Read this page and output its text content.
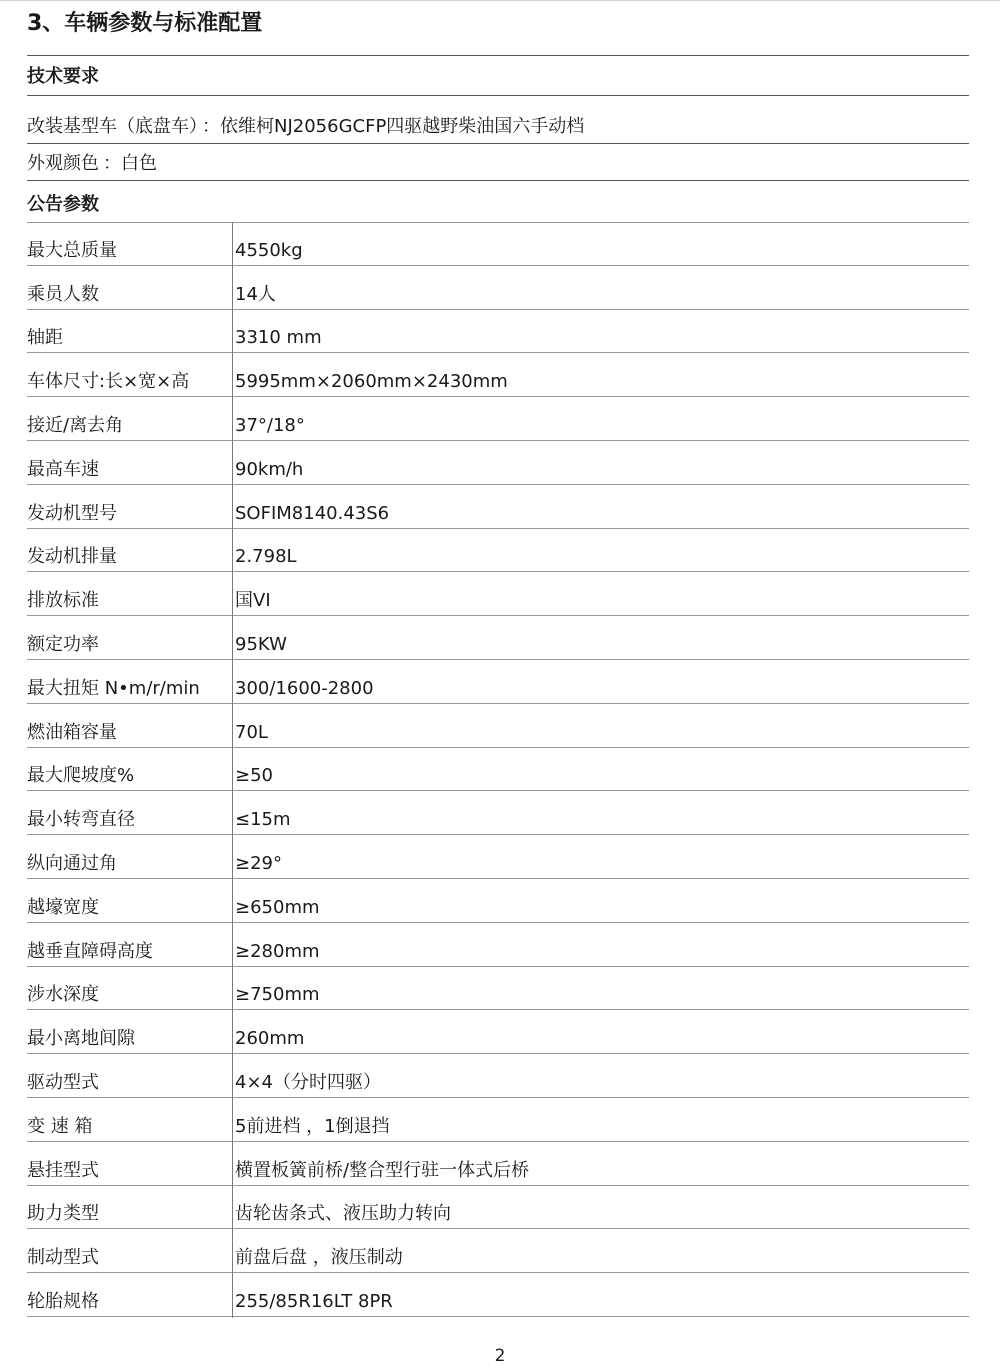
3、车辆参数与标准配置
技术要求
改装基型车（底盘车） ：依维柯NJ2056GCFP四驱越野柴油国六手动档
外观颜色 ：白色
公告参数
最大总质量	4550kg
乘员人数	14人
轴距	3310 mm
车体尺寸:长×宽×高	5995mm×2060mm×2430mm
接近/离去角	37°/18°
最高车速	90km/h
发动机型号	SOFIM8140.43S6
发动机排量	2.798L
排放标准	国VI
额定功率	95KW
最大扭矩 N•m/r/min	300/1600-2800
燃油箱容量	70L
最大爬坡度%	≥50
最小转弯直径	≤15m
纵向通过角	≥29°
越壕宽度	≥650mm
越垂直障碍高度	≥280mm
涉水深度	≥750mm
最小离地间隙	260mm
驱动型式	4×4（分时四驱）
变 速 箱	5前进档 ，1倒退挡
悬挂型式	横置板簧前桥/整合型行驻一体式后桥
助力类型	齿轮齿条式、液压助力转向
制动型式	前盘后盘 ，液压制动
轮胎规格	255/85R16LT 8PR
2
